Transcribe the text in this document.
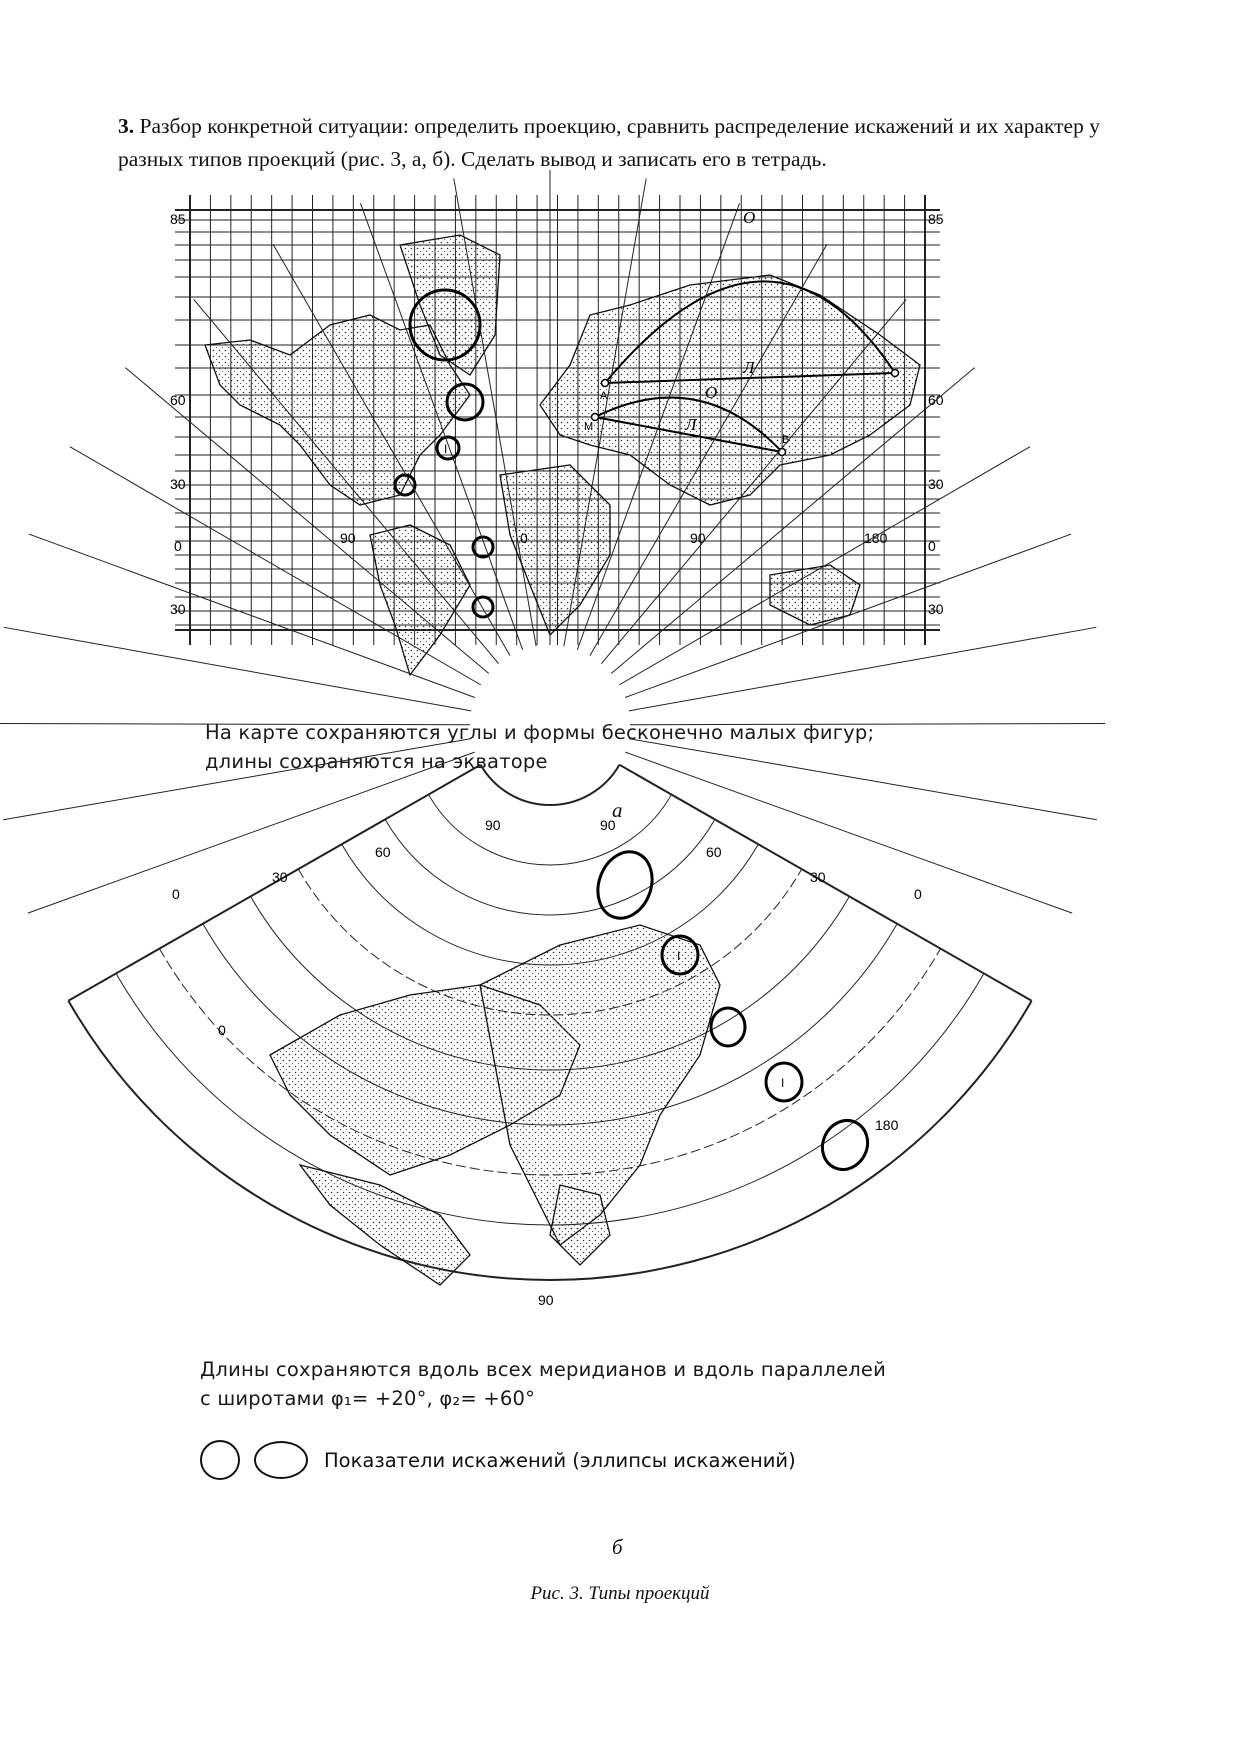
3. Разбор конкретной ситуации: определить проекцию, сравнить распределение искажений и их характер у разных типов проекций (рис. 3, а, б). Сделать вывод и записать его в тетрадь.
I
О
Л
О
Л
А
М
В
85
60
30
0
30
85
60
30
0
30
90	0	90	180
На карте сохраняются углы и формы бесконечно малых фигур;
длины сохраняются на экваторе
а
I
I
90	90
60
30
0
0
60
30
0
180
90
Длины сохраняются вдоль всех меридианов и вдоль параллелей
с широтами φ₁= +20°, φ₂= +60°
Показатели искажений (эллипсы искажений)
б
Рис. 3. Типы проекций
